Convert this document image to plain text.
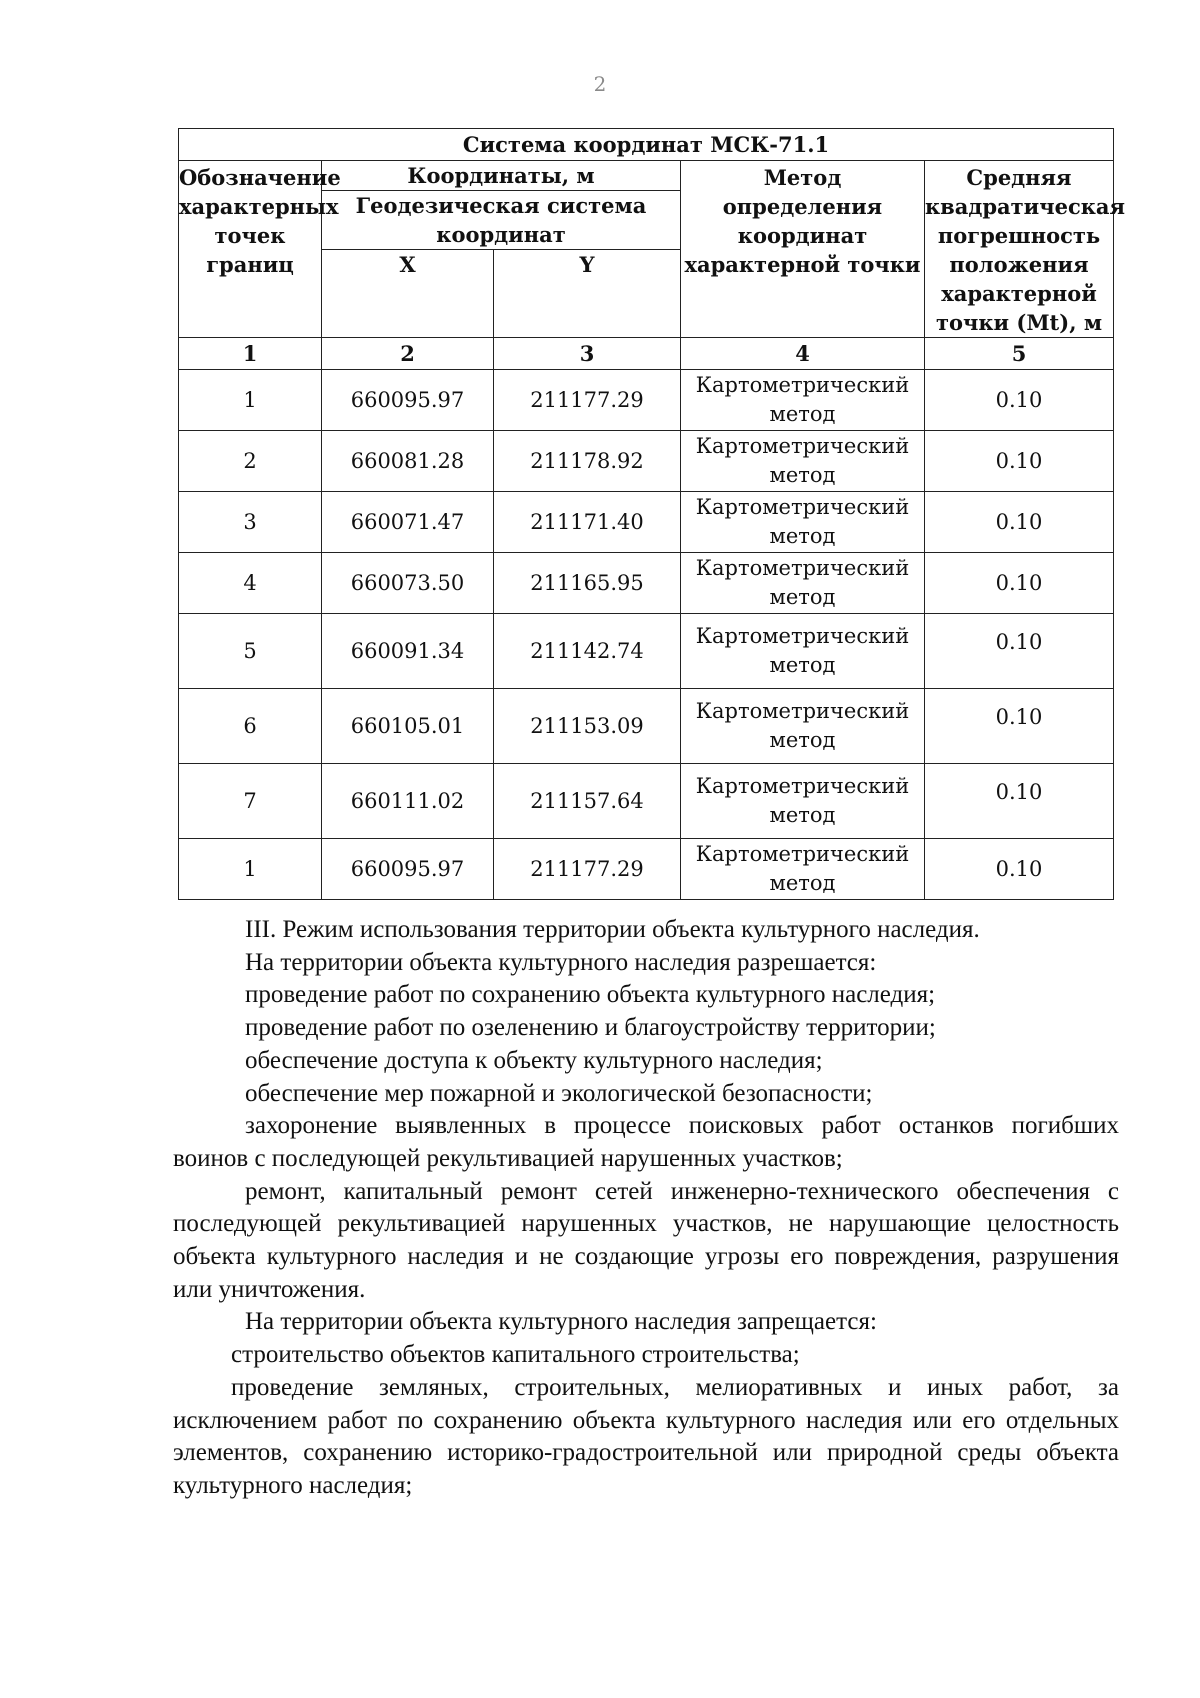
2
Система координат МСК-71.1				
Обозначение характерных точек границ	Координаты, м		Метод определения координат характерной точки	Средняя квадратическая погрешность положения характерной точки (Mt), м
	Геодезическая система координат			
	X	Y		

1	2	3	4	5
1	660095.97	211177.29	Картометрический метод	0.10
2	660081.28	211178.92	Картометрический метод	0.10
3	660071.47	211171.40	Картометрический метод	0.10
4	660073.50	211165.95	Картометрический метод	0.10
5	660091.34	211142.74	Картометрический метод	0.10
6	660105.01	211153.09	Картометрический метод	0.10
7	660111.02	211157.64	Картометрический метод	0.10
1	660095.97	211177.29	Картометрический метод	0.10

III. Режим использования территории объекта культурного наследия.

На территории объекта культурного наследия разрешается:

проведение работ по сохранению объекта культурного наследия;

проведение работ по озеленению и благоустройству территории;

обеспечение доступа к объекту культурного наследия;

обеспечение мер пожарной и экологической безопасности;

захоронение выявленных в процессе поисковых работ останков погибших воинов с последующей рекультивацией нарушенных участков;

ремонт, капитальный ремонт сетей инженерно-технического обеспечения с последующей рекультивацией нарушенных участков, не нарушающие целостность объекта культурного наследия и не создающие угрозы его повреждения, разрушения или уничтожения.

На территории объекта культурного наследия запрещается:

строительство объектов капитального строительства;

проведение земляных, строительных, мелиоративных и иных работ, за исключением работ по сохранению объекта культурного наследия или его отдельных элементов, сохранению историко-градостроительной или природной среды объекта культурного наследия;
